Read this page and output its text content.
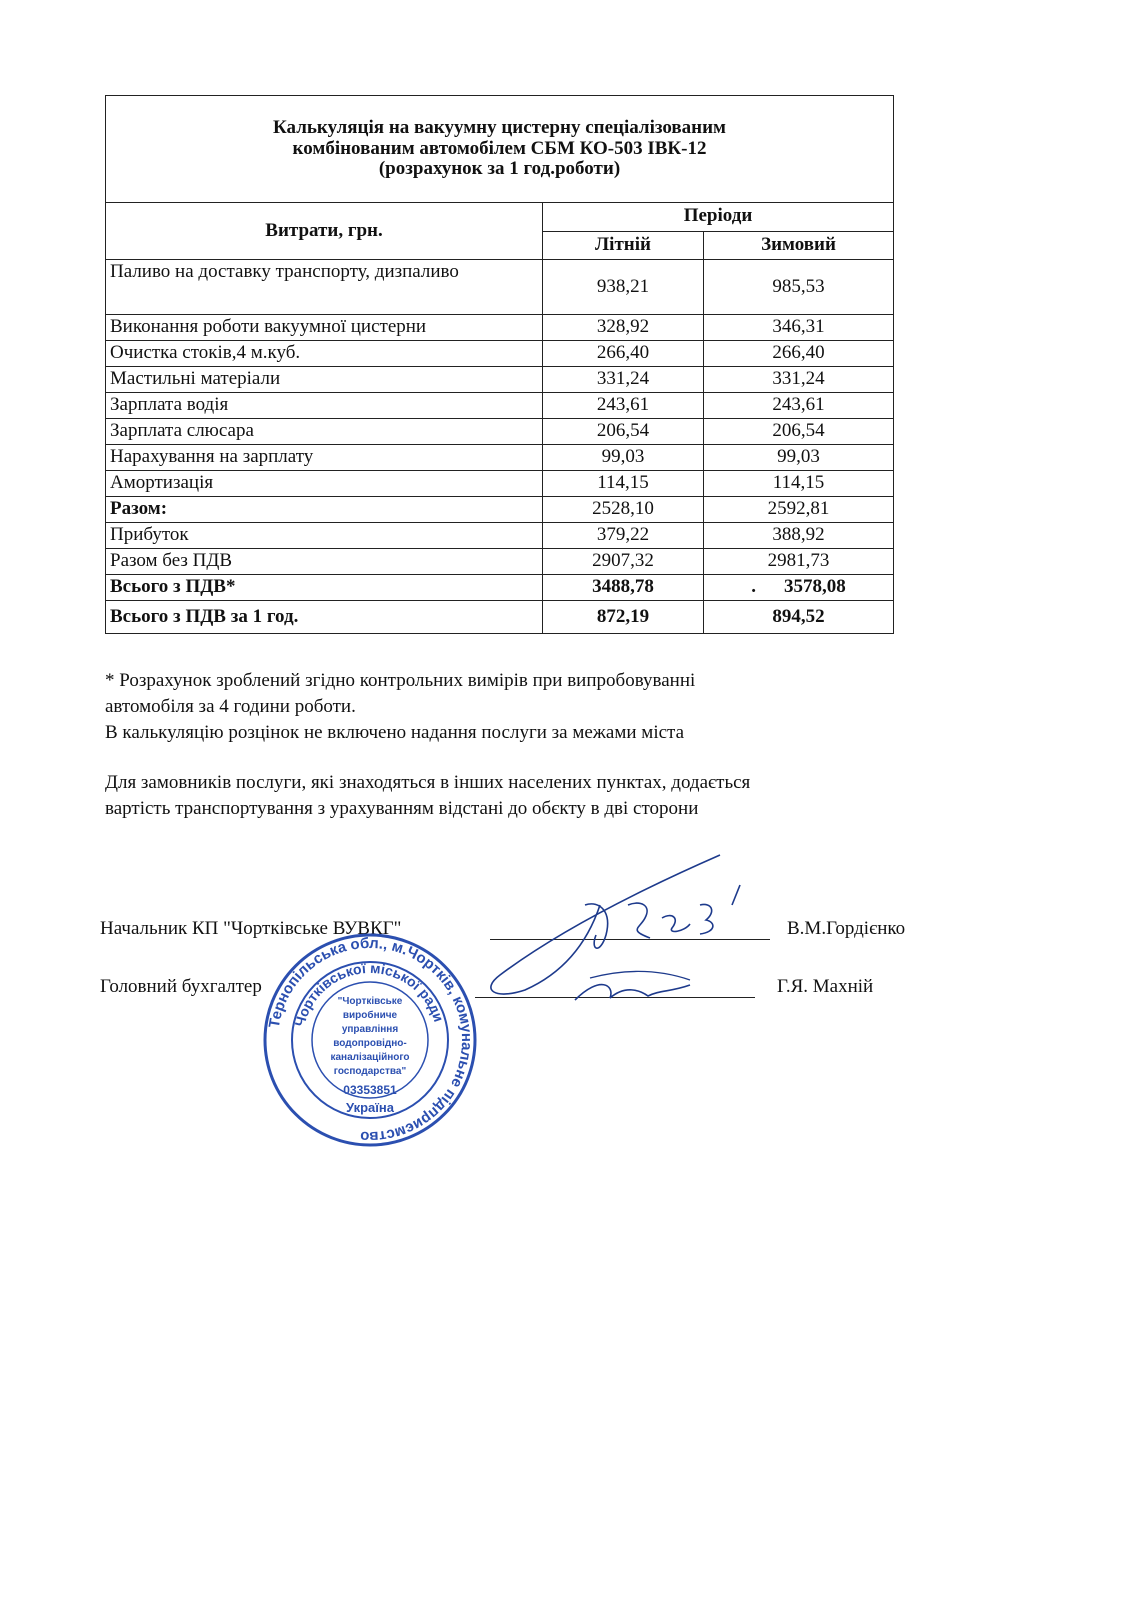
Калькуляція на вакуумну цистерну спеціалізованим
комбінованим автомобілем СБМ КО-503 ІВК-12
(розрахунок за 1 год.роботи)		

Витрати, грн.	Періоди	
	Літній	Зимовий
Паливо на доставку транспорту, дизпаливо	938,21	985,53
Виконання роботи вакуумної цистерни	328,92	346,31
Очистка стоків,4 м.куб.	266,40	266,40
Мастильні матеріали	331,24	331,24
Зарплата водія	243,61	243,61
Зарплата слюсара	206,54	206,54
Нарахування на зарплату	99,03	99,03
Амортизація	114,15	114,15
Разом:	2528,10	2592,81
Прибуток	379,22	388,92
Разом без ПДВ	2907,32	2981,73
Всього з ПДВ*	3488,78	. 3578,08
Всього з ПДВ за 1 год.	872,19	894,52

* Розрахунок зроблений згідно контрольних вимірів при випробовуванні

автомобіля за 4 години роботи.

В калькуляцію розцінок не включено надання послуги за межами міста

Для замовників послуги, які знаходяться в інших населених пунктах, додається

вартість транспортування з урахуванням відстані до обєкту в дві сторони

Начальник КП "Чортківське ВУВКГ"	В.М.Гордієнко
Головний бухгалтер	Г.Я. Махній
Тернопільська обл., м.Чортків, комунальне підприємство
Чортківської міської ради
"Чортківське
виробниче
управління
водопровідно-
каналізаційного
господарства"
03353851
Україна
